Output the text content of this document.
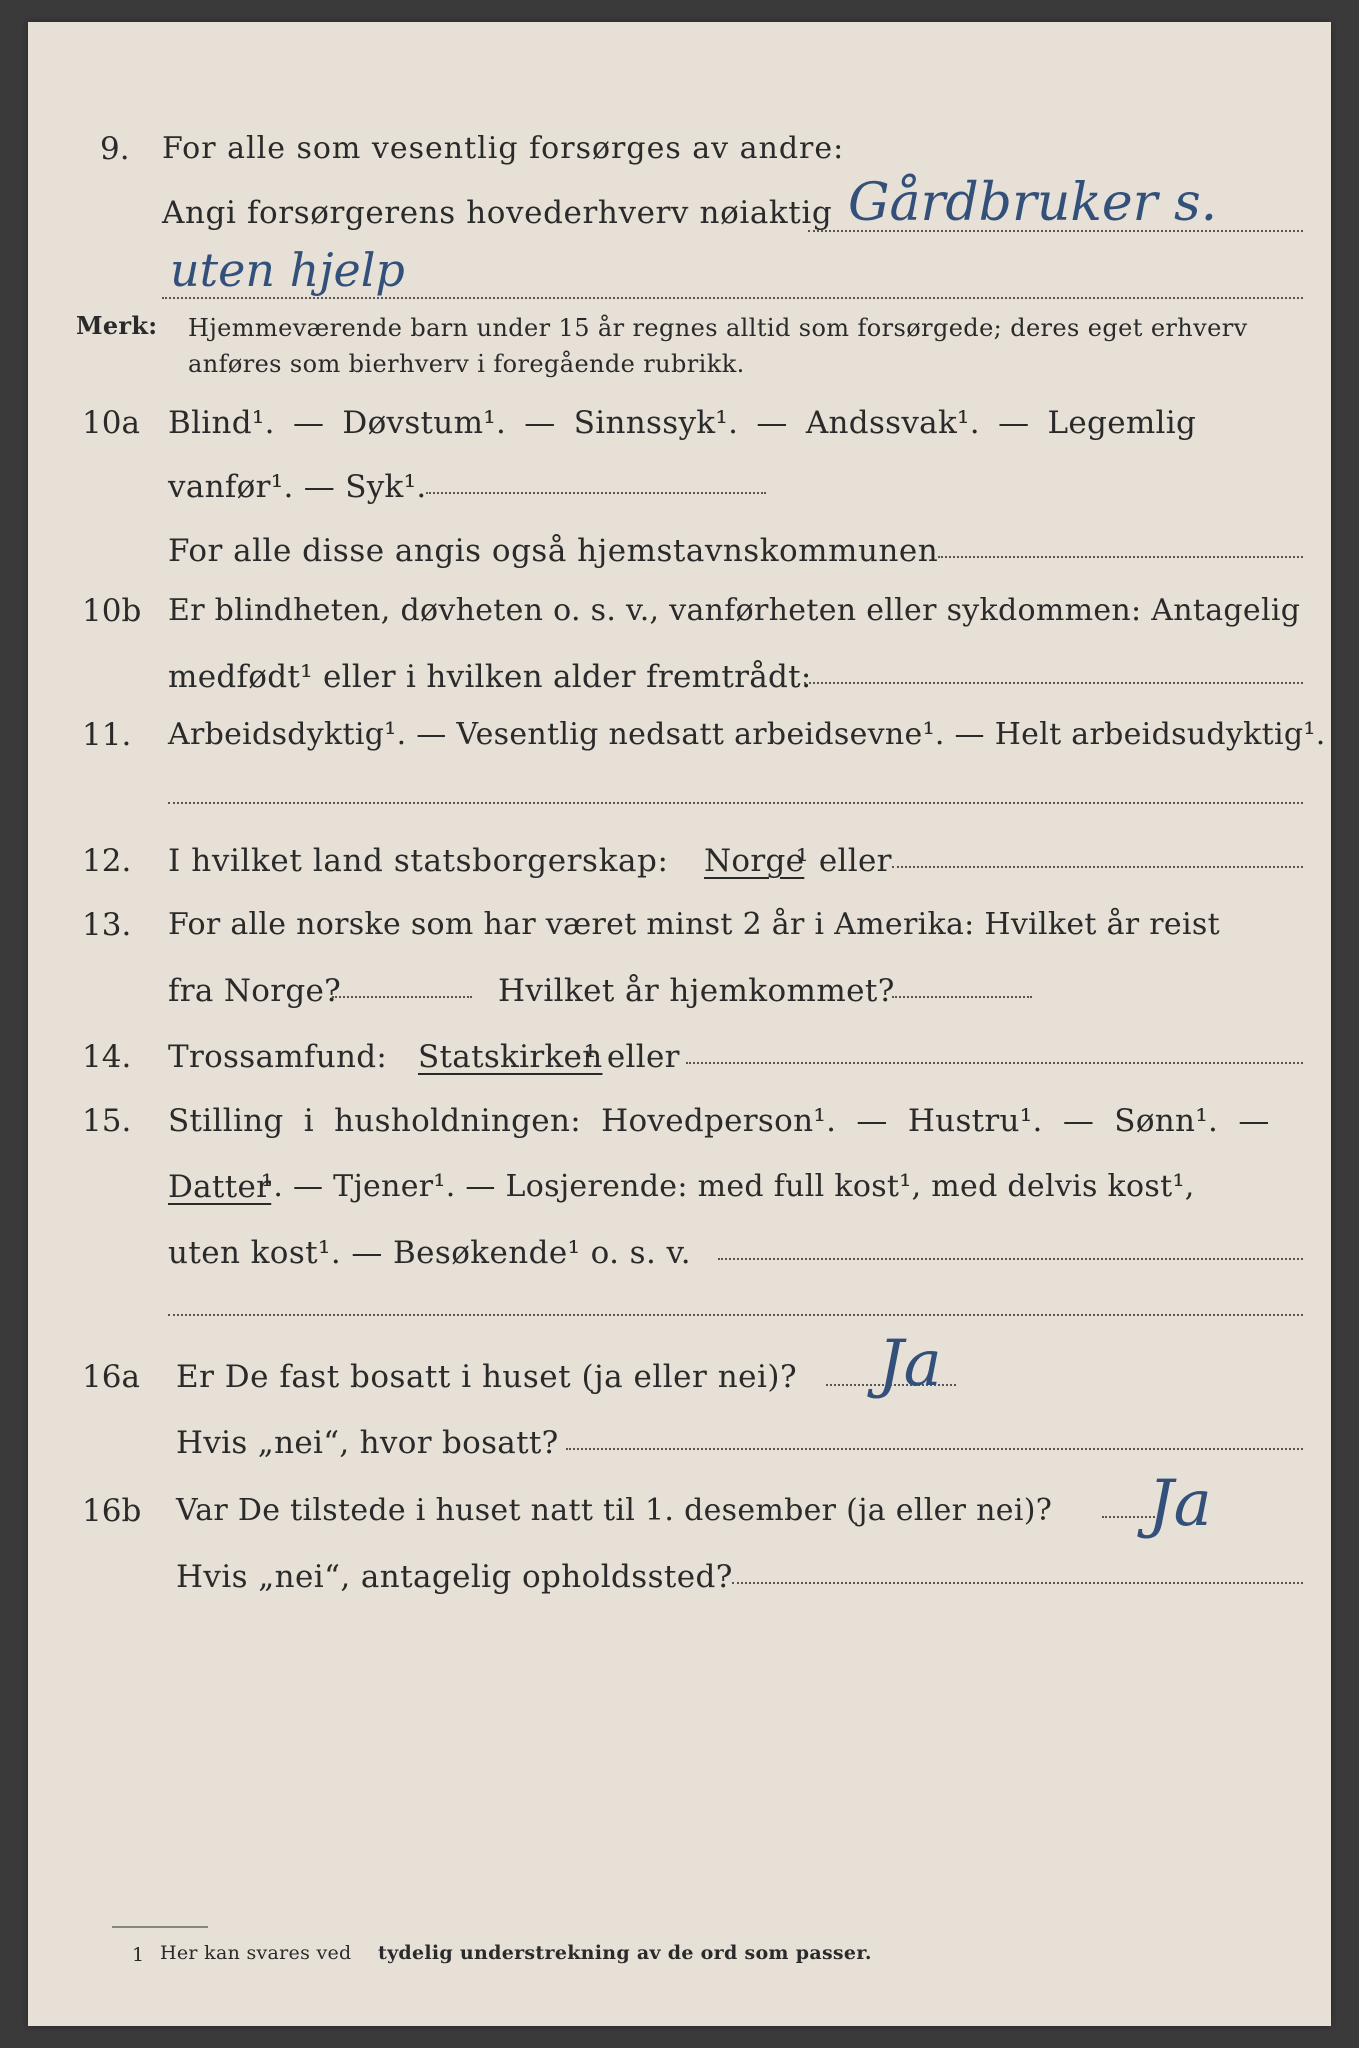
9. For alle som vesentlig forsørges av andre:
Angi forsørgerens hovederhverv nøiaktig Gårdbruker s.
uten hjelp
Merk: Hjemmeværende barn under 15 år regnes alltid som forsørgede; deres eget erhverv
anføres som bierhverv i foregående rubrikk.
10a Blind¹. — Døvstum¹. — Sinnssyk¹. — Andssvak¹. — Legemlig
vanfør¹. — Syk¹.
For alle disse angis også hjemstavnskommunen
10b Er blindheten, døvheten o. s. v., vanførheten eller sykdommen: Antagelig
medfødt¹ eller i hvilken alder fremtrådt:
11. Arbeidsdyktig¹. — Vesentlig nedsatt arbeidsevne¹. — Helt arbeidsudyktig¹.
12. I hvilket land statsborgerskap: Norge
¹ eller
13. For alle norske som har været minst 2 år i Amerika: Hvilket år reist
fra Norge?	Hvilket år hjemkommet?
14. Trossamfund: Statskirken
¹ eller
15. Stilling i husholdningen: Hovedperson¹. — Hustru¹. — Sønn¹. —
Datter
¹. — Tjener¹. — Losjerende: med full kost¹, med delvis kost¹,
uten kost¹. — Besøkende¹ o. s. v.
16a Er De fast bosatt i huset (ja eller nei)? Ja
Hvis „nei“, hvor bosatt?
16b Var De tilstede i huset natt til 1. desember (ja eller nei)? Ja
Hvis „nei“, antagelig opholdssted?
1 Her kan svares ved tydelig understrekning av de ord som passer.
